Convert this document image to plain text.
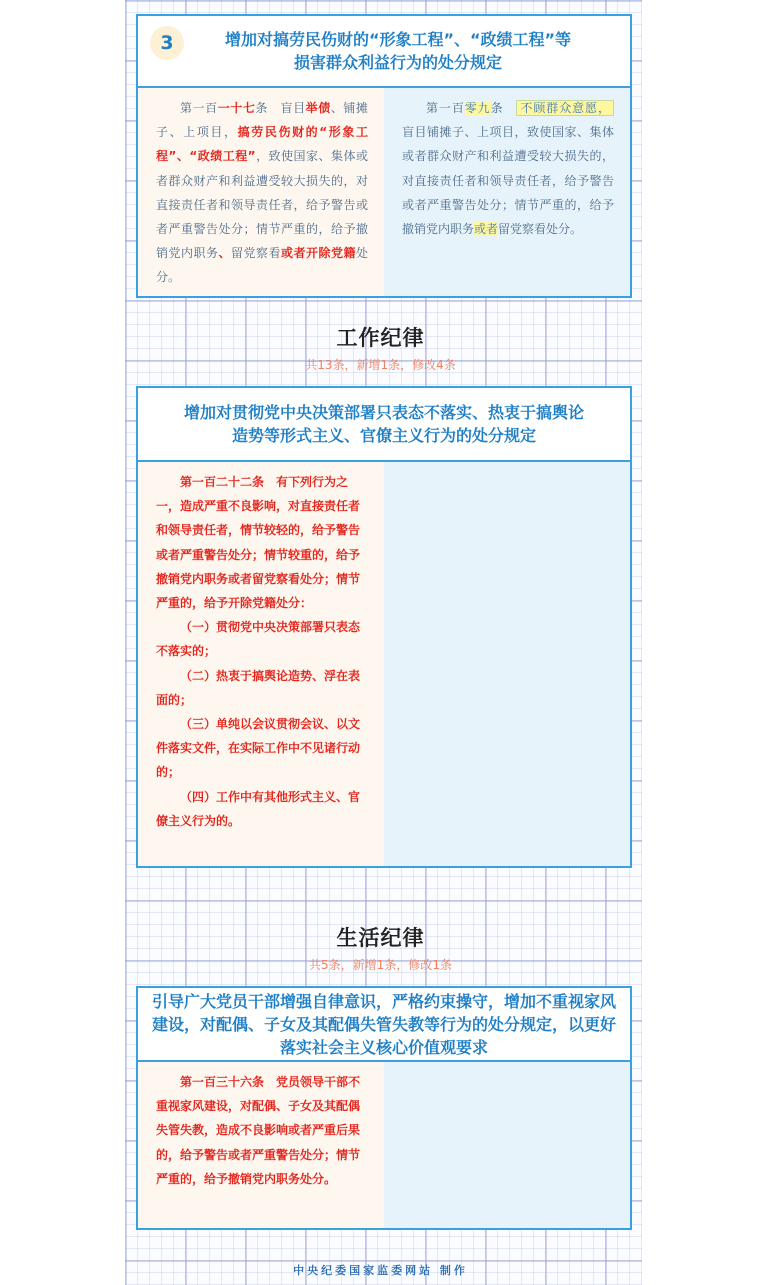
3	增加对搞劳民伤财的“形象工程”、“政绩工程”等
损害群众利益行为的处分规定
第一百一十七条　盲目举债、铺摊子、上项目，搞劳民伤财的“形象工程”、“政绩工程”，致使国家、集体或者群众财产和利益遭受较大损失的，对直接责任者和领导责任者，给予警告或者严重警告处分；情节严重的，给予撤销党内职务、留党察看或者开除党籍处分。
第一百零九条　不顾群众意愿，盲目铺摊子、上项目，致使国家、集体或者群众财产和利益遭受较大损失的，对直接责任者和领导责任者，给予警告或者严重警告处分；情节严重的，给予撤销党内职务或者留党察看处分。
工作纪律
共13条，新增1条，修改4条
增加对贯彻党中央决策部署只表态不落实、热衷于搞舆论
造势等形式主义、官僚主义行为的处分规定
第一百二十二条　有下列行为之一，造成严重不良影响，对直接责任者和领导责任者，情节较轻的，给予警告或者严重警告处分；情节较重的，给予撤销党内职务或者留党察看处分；情节严重的，给予开除党籍处分：
（一）贯彻党中央决策部署只表态不落实的；
（二）热衷于搞舆论造势、浮在表面的；
（三）单纯以会议贯彻会议、以文件落实文件，在实际工作中不见诸行动的；
（四）工作中有其他形式主义、官僚主义行为的。
生活纪律
共5条，新增1条，修改1条
引导广大党员干部增强自律意识，严格约束操守，增加不重视家风
建设，对配偶、子女及其配偶失管失教等行为的处分规定，以更好
落实社会主义核心价值观要求
第一百三十六条　党员领导干部不重视家风建设，对配偶、子女及其配偶失管失教，造成不良影响或者严重后果的，给予警告或者严重警告处分；情节严重的，给予撤销党内职务处分。
中央纪委国家监委网站 制作
